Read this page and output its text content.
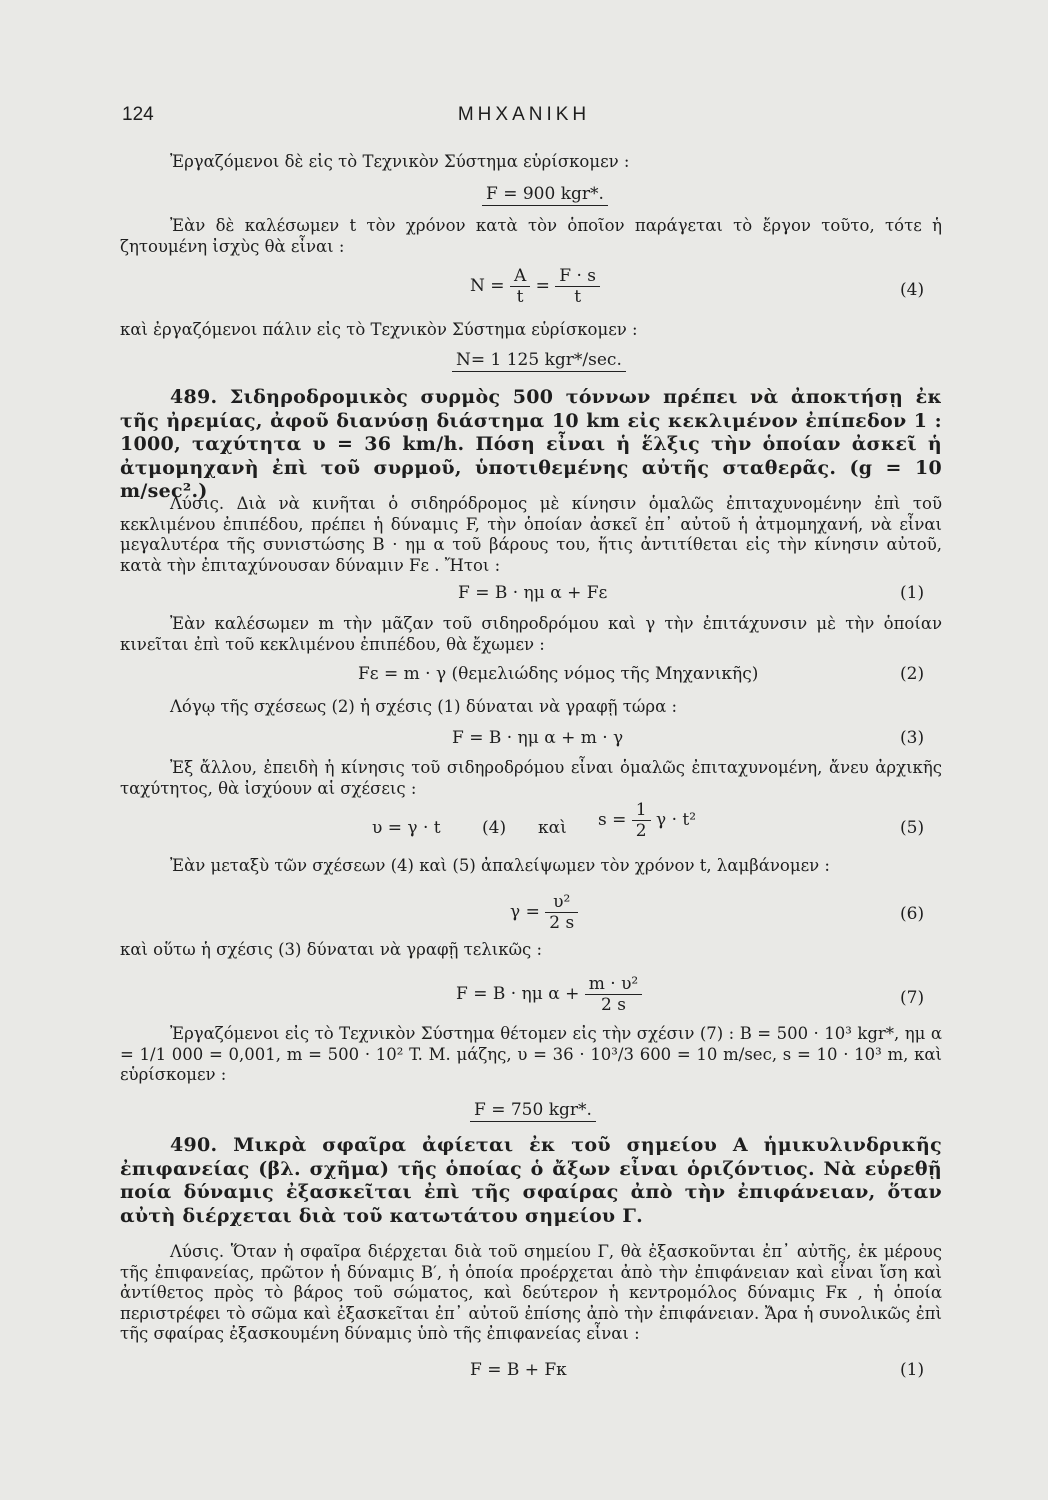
124	ΜΗΧΑΝΙΚΗ
Ἐργαζόμενοι δὲ εἰς τὸ Τεχνικὸν Σύστημα εὑρίσκομεν :
F = 900 kgr*.
Ἐὰν δὲ καλέσωμεν t τὸν χρόνον κατὰ τὸν ὁποῖον παράγεται τὸ ἔργον τοῦτο, τότε ἡ ζητουμένη ἰσχὺς θὰ εἶναι :
$N = \frac{A}{t} = \frac{F \cdot s}{t}$	(4)
καὶ ἐργαζόμενοι πάλιν εἰς τὸ Τεχνικὸν Σύστημα εὑρίσκομεν :
N= 1 125 kgr*/sec.
489. Σιδηροδρομικὸς συρμὸς 500 τόννων πρέπει νὰ ἀποκτήσῃ ἐκ τῆς ἠρεμίας, ἀφοῦ διανύσῃ διάστημα 10 km εἰς κεκλιμένον ἐπίπεδον 1 : 1000, ταχύτητα υ = 36 km/h. Πόση εἶναι ἡ ἕλξις τὴν ὁποίαν ἀσκεῖ ἡ ἀτμομηχανὴ ἐπὶ τοῦ συρμοῦ, ὑποτιθεμένης αὐτῆς σταθερᾶς. (g = 10 m/sec².)
Λύσις. Διὰ νὰ κινῆται ὁ σιδηρόδρομος μὲ κίνησιν ὁμαλῶς ἐπιταχυνομένην ἐπὶ τοῦ κεκλιμένου ἐπιπέδου, πρέπει ἡ δύναμις F, τὴν ὁποίαν ἀσκεῖ ἐπ᾿ αὐτοῦ ἡ ἀτμομηχανή, νὰ εἶναι μεγαλυτέρα τῆς συνιστώσης B · ημ α τοῦ βάρους του, ἥτις ἀντιτίθεται εἰς τὴν κίνησιν αὐτοῦ, κατὰ τὴν ἐπιταχύνουσαν δύναμιν Fε . Ἤτοι :
F = B · ημ α + Fε	(1)
Ἐὰν καλέσωμεν m τὴν μᾶζαν τοῦ σιδηροδρόμου καὶ γ τὴν ἐπιτάχυνσιν μὲ τὴν ὁποίαν κινεῖται ἐπὶ τοῦ κεκλιμένου ἐπιπέδου, θὰ ἔχωμεν :
Fε = m · γ (θεμελιώδης νόμος τῆς Μηχανικῆς)	(2)
Λόγῳ τῆς σχέσεως (2) ἡ σχέσις (1) δύναται νὰ γραφῇ τώρα :
F = B · ημ α + m · γ	(3)
Ἐξ ἄλλου, ἐπειδὴ ἡ κίνησις τοῦ σιδηροδρόμου εἶναι ὁμαλῶς ἐπιταχυνομένη, ἄνευ ἀρχικῆς ταχύτητος, θὰ ἰσχύουν αἱ σχέσεις :
υ = γ · t (4) καὶ $s = \frac{1}{2}$ γ · t²	(5)
Ἐὰν μεταξὺ τῶν σχέσεων (4) καὶ (5) ἀπαλείψωμεν τὸν χρόνον t, λαμβάνομεν :
$\gamma = \frac{\text{υ²}}{2 s}$	(6)
καὶ οὕτω ἡ σχέσις (3) δύναται νὰ γραφῇ τελικῶς :
F = B · ημ $\alpha + \frac{\text{m · υ²}}{2 s}$	(7)
Ἐργαζόμενοι εἰς τὸ Τεχνικὸν Σύστημα θέτομεν εἰς τὴν σχέσιν (7) : B = 500 · 10³ kgr*, ημ α = 1/1 000 = 0,001, m = 500 · 10² T. M. μάζης, υ = 36 · 10³/3 600 = 10 m/sec, s = 10 · 10³ m, καὶ εὑρίσκομεν :
F = 750 kgr*.
490. Μικρὰ σφαῖρα ἀφίεται ἐκ τοῦ σημείου A ἡμικυλινδρικῆς ἐπιφανείας (βλ. σχῆμα) τῆς ὁποίας ὁ ἄξων εἶναι ὁριζόντιος. Νὰ εὑρεθῇ ποία δύναμις ἐξασκεῖται ἐπὶ τῆς σφαίρας ἀπὸ τὴν ἐπιφάνειαν, ὅταν αὐτὴ διέρχεται διὰ τοῦ κατωτάτου σημείου Γ.
Λύσις. Ὅταν ἡ σφαῖρα διέρχεται διὰ τοῦ σημείου Γ, θὰ ἐξασκοῦνται ἐπ᾿ αὐτῆς, ἐκ μέρους τῆς ἐπιφανείας, πρῶτον ἡ δύναμις B′, ἡ ὁποία προέρχεται ἀπὸ τὴν ἐπιφάνειαν καὶ εἶναι ἴση καὶ ἀντίθετος πρὸς τὸ βάρος τοῦ σώματος, καὶ δεύτερον ἡ κεντρομόλος δύναμις Fκ , ἡ ὁποία περιστρέφει τὸ σῶμα καὶ ἐξασκεῖται ἐπ᾿ αὐτοῦ ἐπίσης ἀπὸ τὴν ἐπιφάνειαν. Ἄρα ἡ συνολικῶς ἐπὶ τῆς σφαίρας ἐξασκουμένη δύναμις ὑπὸ τῆς ἐπιφανείας εἶναι :
F = B + Fκ	(1)
